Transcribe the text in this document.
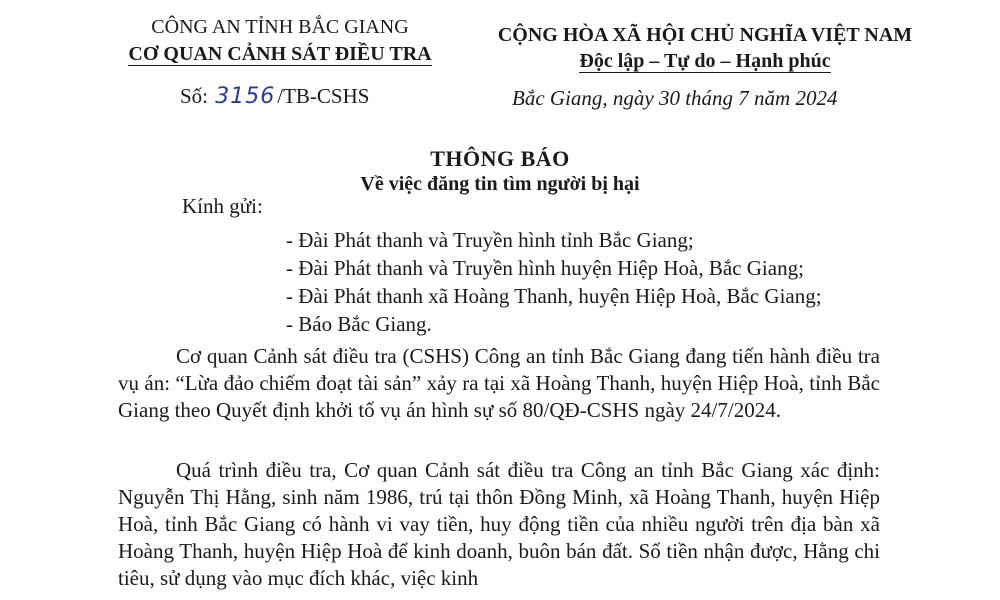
CÔNG AN TỈNH BẮC GIANG
CƠ QUAN CẢNH SÁT ĐIỀU TRA
CỘNG HÒA XÃ HỘI CHỦ NGHĨA VIỆT NAM
Độc lập – Tự do – Hạnh phúc
Số: 3156/TB-CSHS	Bắc Giang, ngày 30 tháng 7 năm 2024
THÔNG BÁO
Về việc đăng tin tìm người bị hại
Kính gửi:
- Đài Phát thanh và Truyền hình tỉnh Bắc Giang;
- Đài Phát thanh và Truyền hình huyện Hiệp Hoà, Bắc Giang;
- Đài Phát thanh xã Hoàng Thanh, huyện Hiệp Hoà, Bắc Giang;
- Báo Bắc Giang.
Cơ quan Cảnh sát điều tra (CSHS) Công an tỉnh Bắc Giang đang tiến hành điều tra vụ án: “Lừa đảo chiếm đoạt tài sản” xảy ra tại xã Hoàng Thanh, huyện Hiệp Hoà, tỉnh Bắc Giang theo Quyết định khởi tố vụ án hình sự số 80/QĐ-CSHS ngày 24/7/2024.
Quá trình điều tra, Cơ quan Cảnh sát điều tra Công an tỉnh Bắc Giang xác định: Nguyễn Thị Hằng, sinh năm 1986, trú tại thôn Đồng Minh, xã Hoàng Thanh, huyện Hiệp Hoà, tỉnh Bắc Giang có hành vi vay tiền, huy động tiền của nhiều người trên địa bàn xã Hoàng Thanh, huyện Hiệp Hoà để kinh doanh, buôn bán đất. Số tiền nhận được, Hằng chi tiêu, sử dụng vào mục đích khác, việc kinh
